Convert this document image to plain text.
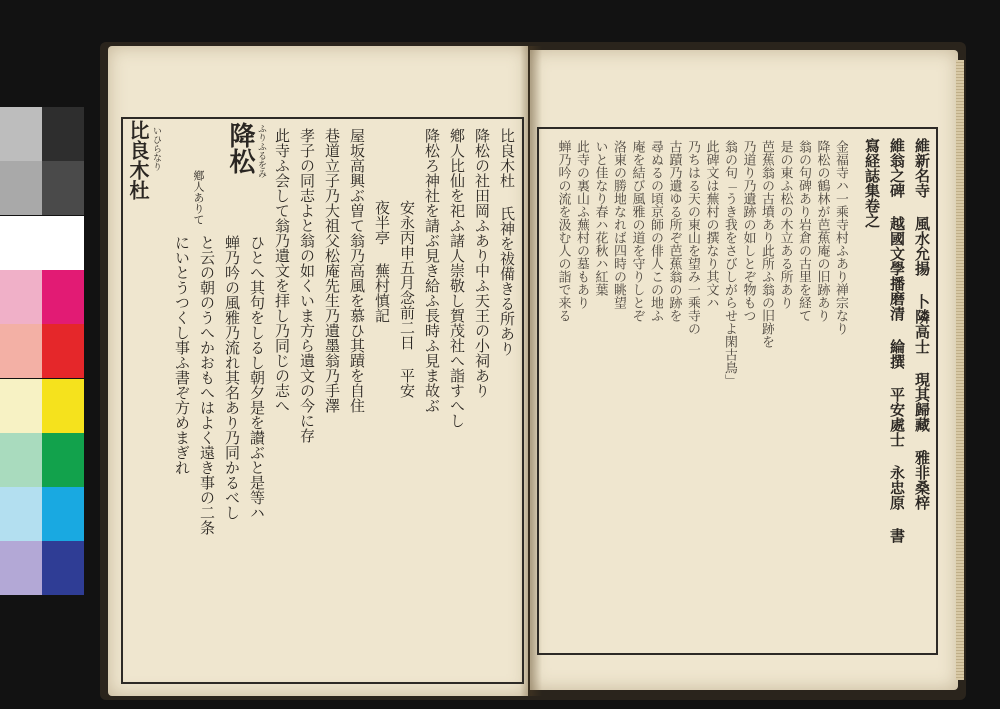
降松 ふりふるをみ
鄕人ありて
比良木杜 いひらなり	比良木杜 氏神を祓備きる所あり
降松の社田岡ふあり中ふ天王の小祠あり
鄕人比仙を祀ふ諸人崇敬し賀茂社へ詣すへし
降松ろ神社を請ぶ見き給ふ長時ふ見ま故ぶ
安永丙申五月念前二日 平安
夜半亭 蕪村慎記
屋坂高興ぶ曽て翁乃高風を慕ひ其蹟を自住
巷道立子乃大祖父松庵先生乃遺墨翁乃手澤
孝子の同志よと翁の如くいま方ら遺文の今に存
此寺ふ会して翁乃遺文を拝し乃同じの志へ
ひとへ其句をしるし朝夕是を讃ぶと是等ハ
蝉乃吟の風雅乃流れ其名あり乃同かるべし
と云の朝のうへかおもへはよく遠き事の二条
にいとうつくし事ふ書ぞ方めまぎれ	維新名寺 風水允揚 卜隣高士 現其歸藏 雅非桑梓
維翁之碑 越國文學播磨清 綸撰 平安處士 永忠原 書
寫経誌集卷之
金福寺ハ一乘寺村ふあり禅宗なり
降松の鶴林が芭蕉庵の旧跡あり
翁の句碑あり岩倉の古里を経て
是の東ふ松の木立ある所あり
芭蕉翁の古墳あり此所ふ翁の旧跡を
乃道り乃遺跡の如しとぞ物もつ
翁の句「うき我をさびしがらせよ閑古鳥」
此碑文は蕪村の撰なり其文ハ
乃ちはる天の東山を望み一乘寺の
古蹟乃遺ゆる所ぞ芭蕉翁の跡を
尋ぬるの頃京師の俳人この地ふ
庵を結び風雅の道を守りしとぞ
洛東の勝地なれば四時の眺望
いと佳なり春ハ花秋ハ紅葉
此寺の裏山ふ蕪村の墓もあり
蝉乃吟の流を汲む人の詣で来る
